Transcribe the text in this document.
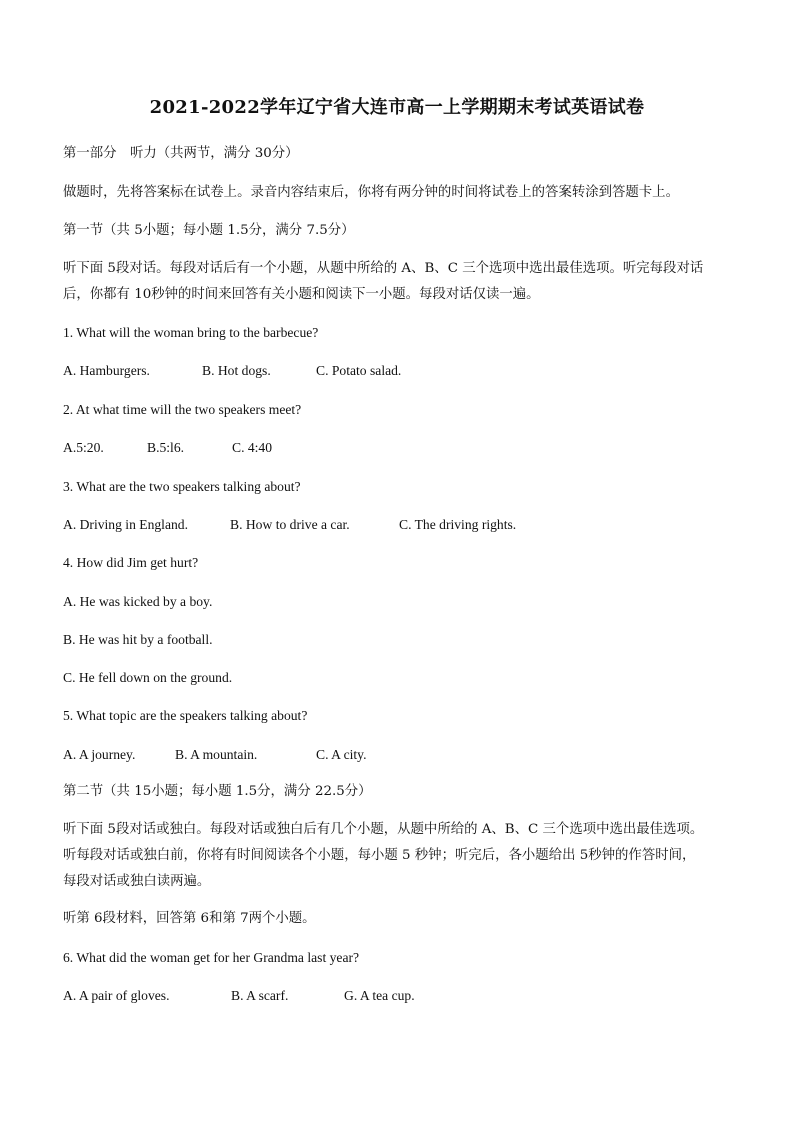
2021-2022学年辽宁省大连市高一上学期期末考试英语试卷
第一部分　听力（共两节，满分 30分）
做题时，先将答案标在试卷上。录音内容结束后，你将有两分钟的时间将试卷上的答案转涂到答题卡上。
第一节（共 5小题；每小题 1.5分，满分 7.5分）
听下面 5段对话。每段对话后有一个小题，从题中所给的 A、B、C 三个选项中选出最佳选项。听完每段对话
后，你都有 10秒钟的时间来回答有关小题和阅读下一小题。每段对话仅读一遍。
1. What will the woman bring to the barbecue?
A. Hamburgers.	B. Hot dogs.	C. Potato salad.
2. At what time will the two speakers meet?
A.5:20.	B.5:l6.	C. 4:40
3. What are the two speakers talking about?
A. Driving in England.	B. How to drive a car.	C. The driving rights.
4. How did Jim get hurt?
A. He was kicked by a boy.
B. He was hit by a football.
C. He fell down on the ground.
5. What topic are the speakers talking about?
A. A journey.	B. A mountain.	C. A city.
第二节（共 15小题；每小题 1.5分，满分 22.5分）
听下面 5段对话或独白。每段对话或独白后有几个小题，从题中所给的 A、B、C 三个选项中选出最佳选项。
听每段对话或独白前，你将有时间阅读各个小题，每小题 5 秒钟；听完后，各小题给出 5秒钟的作答时间，
每段对话或独白读两遍。
听第 6段材料，回答第 6和第 7两个小题。
6. What did the woman get for her Grandma last year?
A. A pair of gloves.	B. A scarf.	G. A tea cup.
